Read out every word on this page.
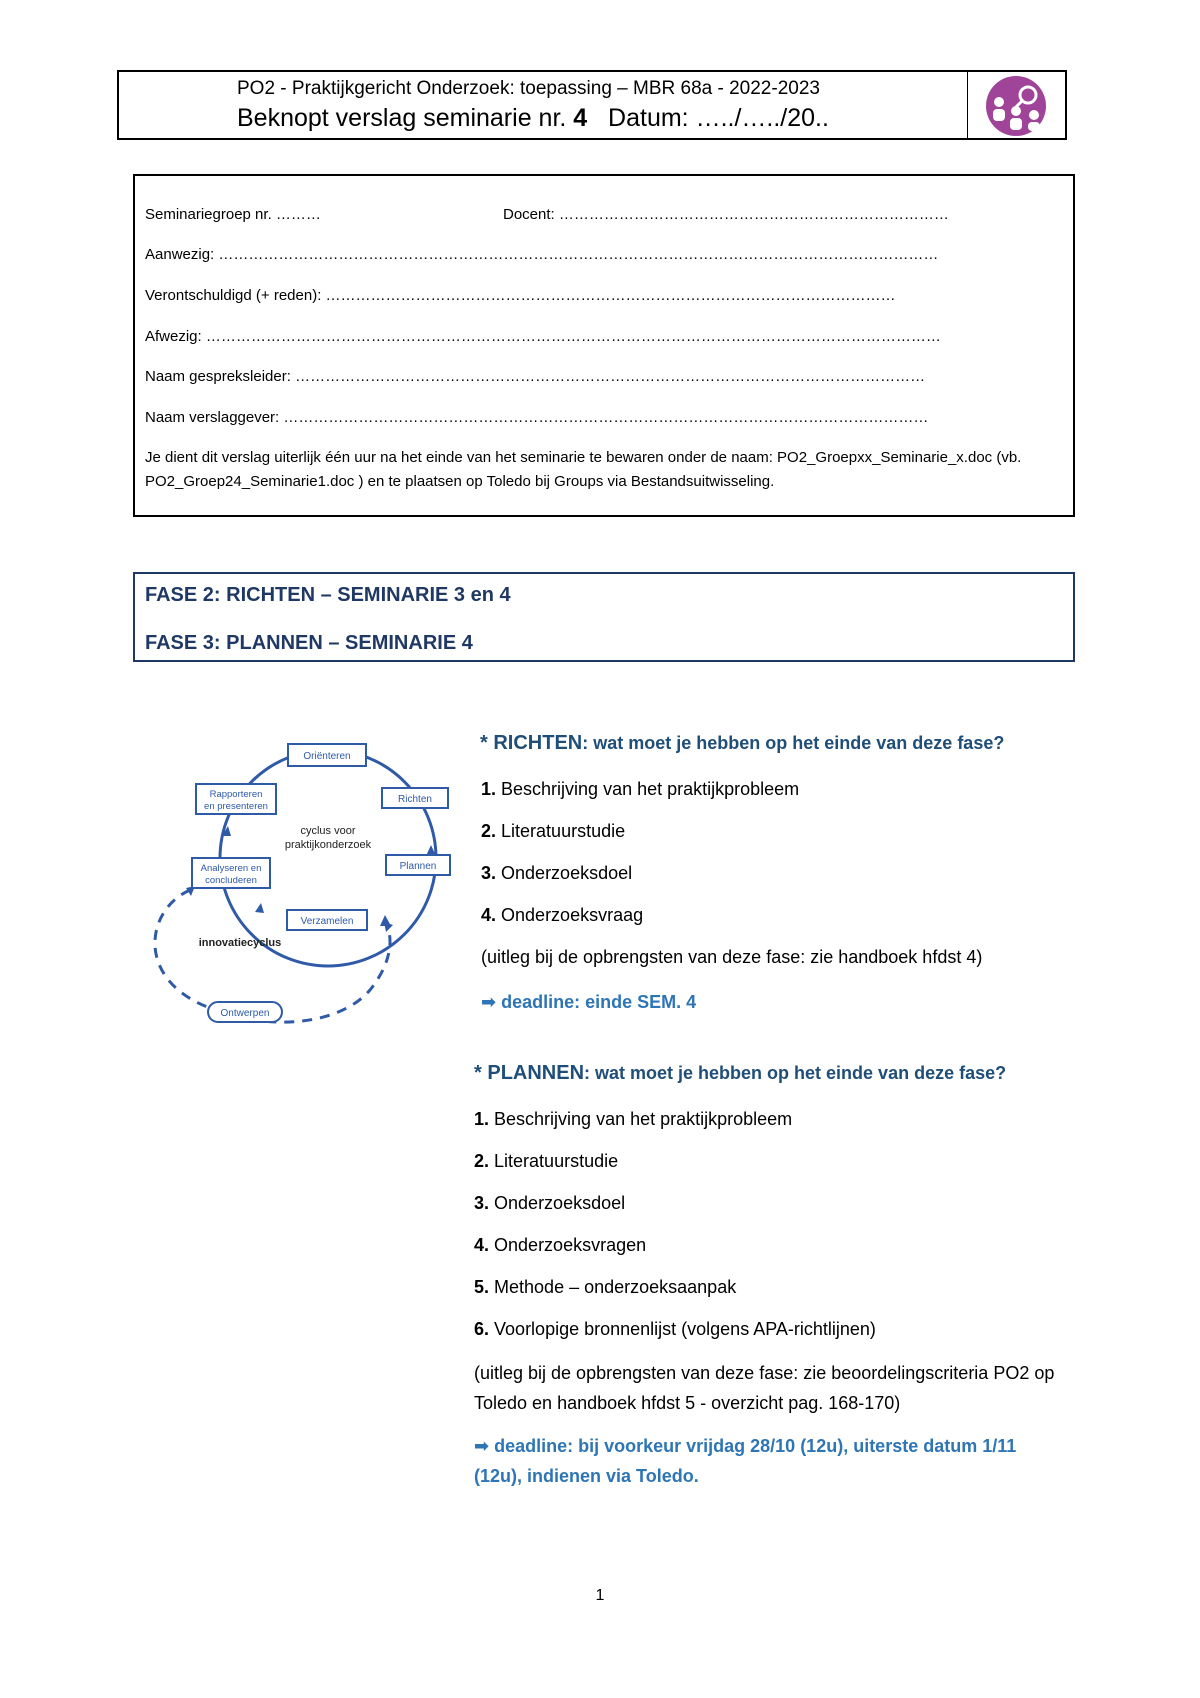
PO2 - Praktijkgericht Onderzoek: toepassing – MBR 68a - 2022-2023
Beknopt verslag seminarie nr. 4 Datum: …../…../20..
Seminariegroep nr. ………	Docent: ……………………………………………………………………
Aanwezig: ………………………………………………………………………………………………………………………………
Verontschuldigd (+ reden): ……………………………………………………………………………………………………
Afwezig: …………………………………………………………………………………………………………………………………
Naam gespreksleider: ………………………………………………………………………………………………………………
Naam verslaggever: …………………………………………………………………………………………………………………
Je dient dit verslag uiterlijk één uur na het einde van het seminarie te bewaren onder de naam: PO2_Groepxx_Seminarie_x.doc (vb. PO2_Groep24_Seminarie1.doc ) en te plaatsen op Toledo bij Groups via Bestandsuitwisseling.
FASE 2: RICHTEN – SEMINARIE 3 en 4
FASE 3: PLANNEN – SEMINARIE 4
Oriënteren
Richten
Plannen
Verzamelen
Analyseren en
concluderen
Rapporteren
en presenteren
Ontwerpen
cyclus voor
praktijkonderzoek
innovatiecyclus
* RICHTEN: wat moet je hebben op het einde van deze fase?
1. Beschrijving van het praktijkprobleem
2. Literatuurstudie
3. Onderzoeksdoel
4. Onderzoeksvraag
(uitleg bij de opbrengsten van deze fase: zie handboek hfdst 4)
➡ deadline: einde SEM. 4
* PLANNEN: wat moet je hebben op het einde van deze fase?
1. Beschrijving van het praktijkprobleem
2. Literatuurstudie
3. Onderzoeksdoel
4. Onderzoeksvragen
5. Methode – onderzoeksaanpak
6. Voorlopige bronnenlijst (volgens APA-richtlijnen)
(uitleg bij de opbrengsten van deze fase: zie beoordelingscriteria PO2 op Toledo en handboek hfdst 5 - overzicht pag. 168-170)
➡ deadline: bij voorkeur vrijdag 28/10 (12u), uiterste datum 1/11 (12u), indienen via Toledo.
1
